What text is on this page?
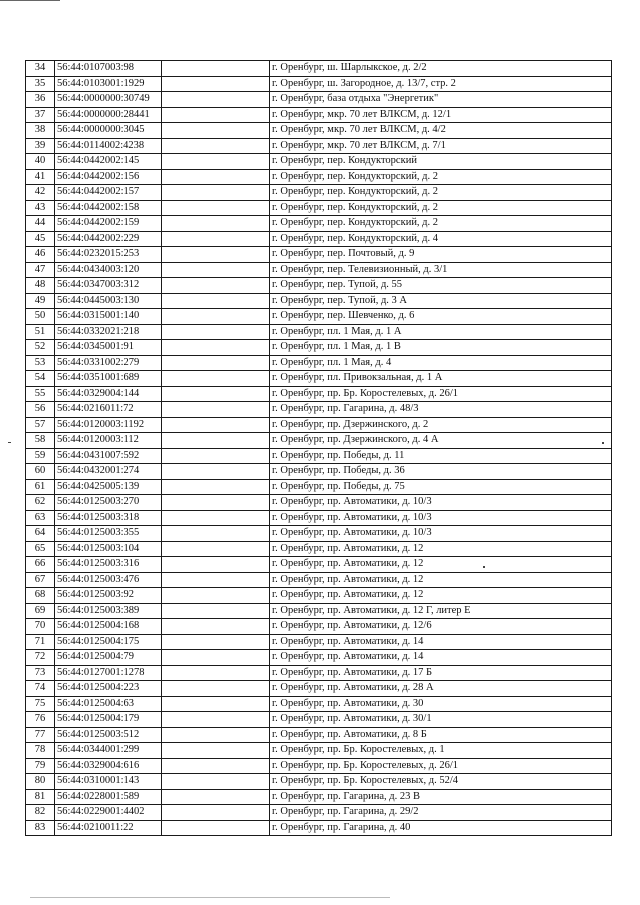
34	56:44:0107003:98		г. Оренбург, ш. Шарлыкское, д. 2/2
35	56:44:0103001:1929		г. Оренбург, ш. Загородное, д. 13/7, стр. 2
36	56:44:0000000:30749		г. Оренбург, база отдыха "Энергетик"
37	56:44:0000000:28441		г. Оренбург, мкр. 70 лет ВЛКСМ, д. 12/1
38	56:44:0000000:3045		г. Оренбург, мкр. 70 лет ВЛКСМ, д. 4/2
39	56:44:0114002:4238		г. Оренбург, мкр. 70 лет ВЛКСМ, д. 7/1
40	56:44:0442002:145		г. Оренбург, пер. Кондукторский
41	56:44:0442002:156		г. Оренбург, пер. Кондукторский, д. 2
42	56:44:0442002:157		г. Оренбург, пер. Кондукторский, д. 2
43	56:44:0442002:158		г. Оренбург, пер. Кондукторский, д. 2
44	56:44:0442002:159		г. Оренбург, пер. Кондукторский, д. 2
45	56:44:0442002:229		г. Оренбург, пер. Кондукторский, д. 4
46	56:44:0232015:253		г. Оренбург, пер. Почтовый, д. 9
47	56:44:0434003:120		г. Оренбург, пер. Телевизионный, д. 3/1
48	56:44:0347003:312		г. Оренбург, пер. Тупой, д. 55
49	56:44:0445003:130		г. Оренбург, пер. Тупой, д. 3 А
50	56:44:0315001:140		г. Оренбург, пер. Шевченко, д. 6
51	56:44:0332021:218		г. Оренбург, пл. 1 Мая, д. 1 А
52	56:44:0345001:91		г. Оренбург, пл. 1 Мая, д. 1 В
53	56:44:0331002:279		г. Оренбург, пл. 1 Мая, д. 4
54	56:44:0351001:689		г. Оренбург, пл. Привокзальная, д. 1 А
55	56:44:0329004:144		г. Оренбург, пр. Бр. Коростелевых, д. 26/1
56	56:44:0216011:72		г. Оренбург, пр. Гагарина, д. 48/3
57	56:44:0120003:1192		г. Оренбург, пр. Дзержинского, д. 2
58	56:44:0120003:112		г. Оренбург, пр. Дзержинского, д. 4 А
59	56:44:0431007:592		г. Оренбург, пр. Победы, д. 11
60	56:44:0432001:274		г. Оренбург, пр. Победы, д. 36
61	56:44:0425005:139		г. Оренбург, пр. Победы, д. 75
62	56:44:0125003:270		г. Оренбург, пр. Автоматики, д. 10/3
63	56:44:0125003:318		г. Оренбург, пр. Автоматики, д. 10/3
64	56:44:0125003:355		г. Оренбург, пр. Автоматики, д. 10/3
65	56:44:0125003:104		г. Оренбург, пр. Автоматики, д. 12
66	56:44:0125003:316		г. Оренбург, пр. Автоматики, д. 12
67	56:44:0125003:476		г. Оренбург, пр. Автоматики, д. 12
68	56:44:0125003:92		г. Оренбург, пр. Автоматики, д. 12
69	56:44:0125003:389		г. Оренбург, пр. Автоматики, д. 12 Г, литер Е
70	56:44:0125004:168		г. Оренбург, пр. Автоматики, д. 12/6
71	56:44:0125004:175		г. Оренбург, пр. Автоматики, д. 14
72	56:44:0125004:79		г. Оренбург, пр. Автоматики, д. 14
73	56:44:0127001:1278		г. Оренбург, пр. Автоматики, д. 17 Б
74	56:44:0125004:223		г. Оренбург, пр. Автоматики, д. 28 А
75	56:44:0125004:63		г. Оренбург, пр. Автоматики, д. 30
76	56:44:0125004:179		г. Оренбург, пр. Автоматики, д. 30/1
77	56:44:0125003:512		г. Оренбург, пр. Автоматики, д. 8 Б
78	56:44:0344001:299		г. Оренбург, пр. Бр. Коростелевых, д. 1
79	56:44:0329004:616		г. Оренбург, пр. Бр. Коростелевых, д. 26/1
80	56:44:0310001:143		г. Оренбург, пр. Бр. Коростелевых, д. 52/4
81	56:44:0228001:589		г. Оренбург, пр. Гагарина, д. 23 В
82	56:44:0229001:4402		г. Оренбург, пр. Гагарина, д. 29/2
83	56:44:0210011:22		г. Оренбург, пр. Гагарина, д. 40
